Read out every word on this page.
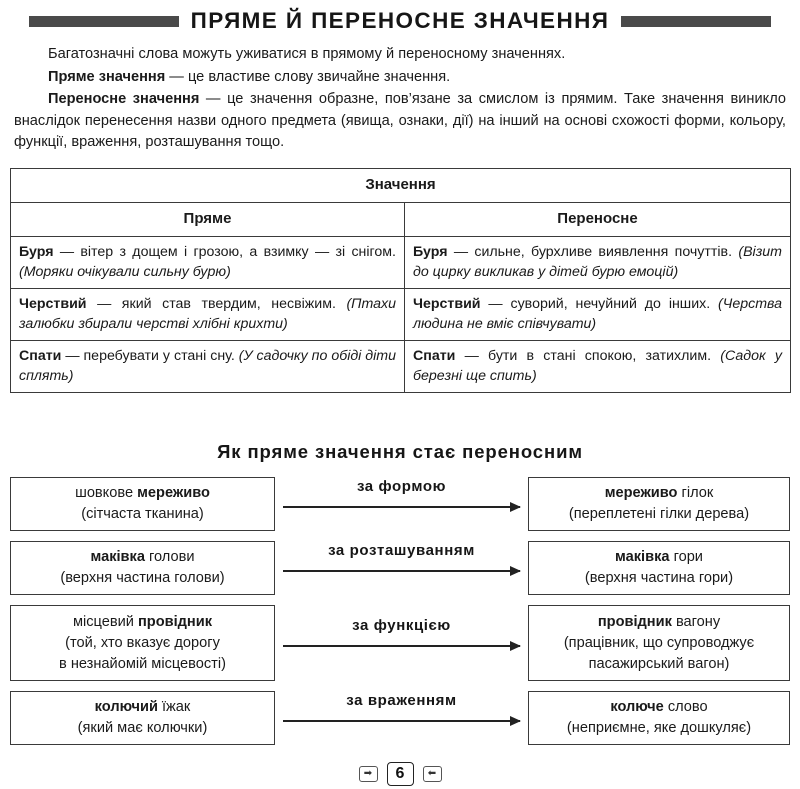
ПРЯМЕ Й ПЕРЕНОСНЕ ЗНАЧЕННЯ

Багатозначні слова можуть уживатися в прямому й переносному значеннях.

Пряме значення — це властиве слову звичайне значення.

Переносне значення — це значення образне, пов’язане за смислом із прямим. Таке значення виникло внаслідок перенесення назви одного предмета (явища, ознаки, дії) на інший на основі схожості форми, кольору, функції, враження, розташування тощо.

Значення	
Пряме	Переносне
Буря — вітер з дощем і грозою, а взимку — зі снігом. (Моряки очікували сильну бурю)	Буря — сильне, бурхливе виявлення почуттів. (Візит до цирку викликав у дітей бурю емоцій)
Черствий — який став твердим, несвіжим. (Птахи залюбки збирали черстві хлібні крихти)	Черствий — суворий, нечуйний до інших. (Черства людина не вміє співчувати)
Спати — перебувати у стані сну. (У садочку по обіді діти сплять)	Спати — бути в стані спокою, затихлим. (Садок у березні ще спить)
Як пряме значення стає переносним
шовкове мереживо
(сітчаста тканина)
за формою	мереживо гілок
(переплетені гілки дерева)
маківка голови
(верхня частина голови)
за розташуванням	маківка гори
(верхня частина гори)
місцевий провідник
(той, хто вказує дорогу
в незнайомій місцевості)
за функцією	провідник вагону
(працівник, що супроводжує
пасажирський вагон)
колючий їжак
(який має колючки)
за враженням	колюче слово
(неприємне, яке дошкуляє)
➡	6	⬅
